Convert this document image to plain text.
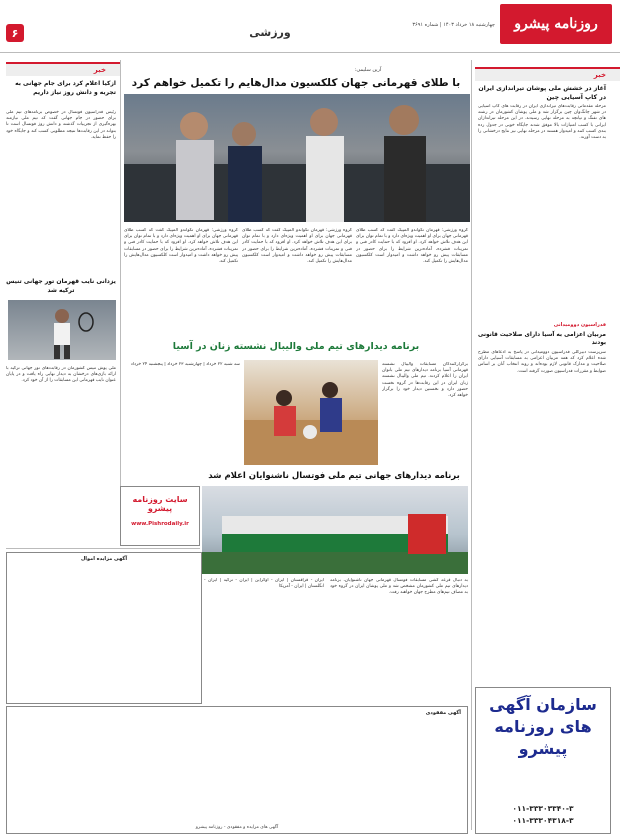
۶	ورزشی
چهارشنبه ۱۸ خرداد ۱۴۰۳ | شماره ۳۶۹۱	روزنامه پیشرو
خبر
آغاز در خشش ملی پوشان تیراندازی ایران در کاپ آسیایی چین
مرحله مقدماتی رقابت‌های تیراندازی ایران در رقابت های کاپ آسیایی در شهر چانگ‌وان چین برگزار شد و ملی پوشان کشورمان در رشته های تفنگ و تپانچه به مرحله نهایی رسیدند. در این مرحله تیراندازان ایرانی با کسب امتیازات بالا موفق شدند جایگاه خوبی در جدول رده بندی کسب کنند و امیدوار هستند در مرحله نهایی نیز نتایج درخشانی را به دست آورند.
فدراسیون دوومیدانی
مربیان اعزامی به آسیا دارای صلاحیت قانونی بودند
سرپرست دبیرکلی فدراسیون دوومیدانی در پاسخ به ادعاهای مطرح شده اعلام کرد که همه مربیان اعزامی به مسابقات آسیایی دارای صلاحیت و مدارک قانونی لازم بوده‌اند و روند انتخاب آنان بر اساس ضوابط و مقررات فدراسیون صورت گرفته است.
سازمان آگهی های روزنامه پیشرو
۰۱۱-۳۳۳۰۳۳۴۰-۳
۰۱۱-۳۳۳۰۴۳۱۸-۳
آرین سلیمی:
با طلای قهرمانی جهان کلکسیون مدال‌هایم را تکمیل خواهم کرد
گروه ورزشی: قهرمان تکواندو المپیک گفت که کسب طلای قهرمانی جهان برای او اهمیت ویژه‌ای دارد و با تمام توان برای این هدف تلاش خواهد کرد. او افزود که با حمایت کادر فنی و تمرینات فشرده، آماده‌ترین شرایط را برای حضور در مسابقات پیش رو خواهد داشت و امیدوار است کلکسیون مدال‌هایش را تکمیل کند.
گروه ورزشی: قهرمان تکواندو المپیک گفت که کسب طلای قهرمانی جهان برای او اهمیت ویژه‌ای دارد و با تمام توان برای این هدف تلاش خواهد کرد. او افزود که با حمایت کادر فنی و تمرینات فشرده، آماده‌ترین شرایط را برای حضور در مسابقات پیش رو خواهد داشت و امیدوار است کلکسیون مدال‌هایش را تکمیل کند.
گروه ورزشی: قهرمان تکواندو المپیک گفت که کسب طلای قهرمانی جهان برای او اهمیت ویژه‌ای دارد و با تمام توان برای این هدف تلاش خواهد کرد. او افزود که با حمایت کادر فنی و تمرینات فشرده، آماده‌ترین شرایط را برای حضور در مسابقات پیش رو خواهد داشت و امیدوار است کلکسیون مدال‌هایش را تکمیل کند.
برنامه دیدارهای تیم ملی والیبال نشسته زنان در آسیا
برگزارکنندگان مسابقات والیبال نشسته قهرمانی آسیا برنامه دیدارهای تیم ملی بانوان ایران را اعلام کردند. تیم ملی والیبال نشسته زنان ایران در این رقابت‌ها در گروه نخست حضور دارد و نخستین دیدار خود را برگزار خواهد کرد.
سه شنبه ۲۲ خرداد | چهارشنبه ۲۳ خرداد | پنجشنبه ۲۴ خرداد
برنامه دیدارهای جهانی تیم ملی فوتسال ناشنوایان اعلام شد
به دنبال قرعه کشی مسابقات فوتسال قهرمانی جهان ناشنوایان، برنامه دیدارهای تیم ملی کشورمان مشخص شد و ملی پوشان ایران در گروه خود به مصاف تیم‌های مطرح جهان خواهند رفت.
ایران - قزاقستان | ایران - اوکراین | ایران - ترکیه | ایران - انگلستان | ایران - آمریکا
خبر
ازکیا اعلام کرد برای جام جهانی به تجربه و دانش روز نیاز داریم
رئیس فدراسیون فوتسال در خصوص برنامه‌های تیم ملی برای حضور در جام جهانی گفت که تیم ملی نیازمند بهره‌گیری از تجربیات گذشته و دانش روز فوتسال است تا بتواند در این رقابت‌ها نتیجه مطلوبی کسب کند و جایگاه خود را حفظ نماید.
یزدانی نایب قهرمان تور جهانی تنیس ترکیه شد
ملی پوش تنیس کشورمان در رقابت‌های تور جهانی ترکیه با ارائه بازی‌های درخشان به دیدار نهایی راه یافت و در پایان عنوان نایب قهرمانی این مسابقات را از آن خود کرد.
سایت روزنامه پیشرو
www.Pishrodaily.ir
آگهی مزایده اموال
آگهی مفقودی
آگهی های مزایده و مفقودی - روزنامه پیشرو
